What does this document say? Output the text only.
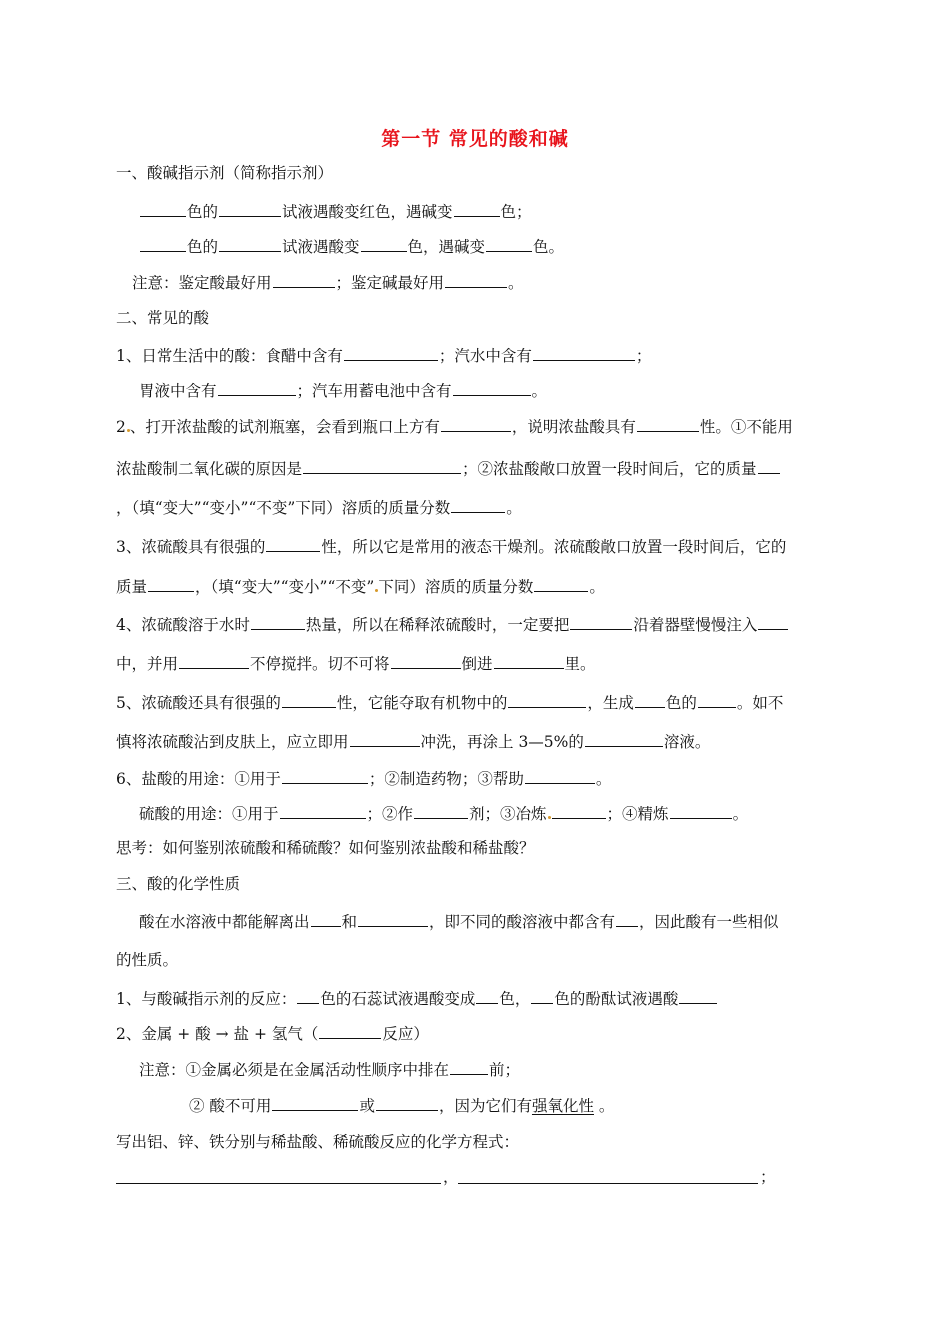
第一节 常见的酸和碱
一、酸碱指示剂（简称指示剂）
色的	试液遇酸变红色，遇碱变	色；
色的	试液遇酸变	色，遇碱变	色。
注意：鉴定酸最好用	；鉴定碱最好用	。
二、常见的酸
1、日常生活中的酸：食醋中含有	；汽水中含有	；
胃液中含有	；汽车用蓄电池中含有	。
2 、打开浓盐酸的试剂瓶塞，会看到瓶口上方有	，说明浓盐酸具有	性。①不能用
浓盐酸制二氧化碳的原因是	；②浓盐酸敞口放置一段时间后，它的质量
，（填“变大”“变小”“不变”下同）溶质的质量分数	。
3、浓硫酸具有很强的	性，所以它是常用的液态干燥剂。浓硫酸敞口放置一段时间后，它的
质量	，（填“变大”“变小”“不变” 下同）溶质的质量分数	。
4、浓硫酸溶于水时	热量，所以在稀释浓硫酸时，一定要把	沿着器壁慢慢注入
中，并用	不停搅拌。切不可将	倒进	里。
5、浓硫酸还具有很强的	性，它能夺取有机物中的	，生成 色的	。如不
慎将浓硫酸沾到皮肤上，应立即用	冲洗，再涂上 3—5%的	溶液。
6、盐酸的用途：①用于	；②制造药物；③帮助	。
硫酸的用途：①用于	；②作	剂；③冶炼	；④精炼	。
思考：如何鉴别浓硫酸和稀硫酸？如何鉴别浓盐酸和稀盐酸？
三、酸的化学性质
酸在水溶液中都能解离出 和	，即不同的酸溶液中都含有 ，因此酸有一些相似
的性质。
1、与酸碱指示剂的反应： 色的石蕊试液遇酸变成 色， 色的酚酞试液遇酸
2、金属 + 酸 → 盐 + 氢气（	反应）
注意：①金属必须是在金属活动性顺序中排在	前；
② 酸不可用	或	，因为它们有强氧化性 。
写出铝、锌、铁分别与稀盐酸、稀硫酸反应的化学方程式：
，	；
